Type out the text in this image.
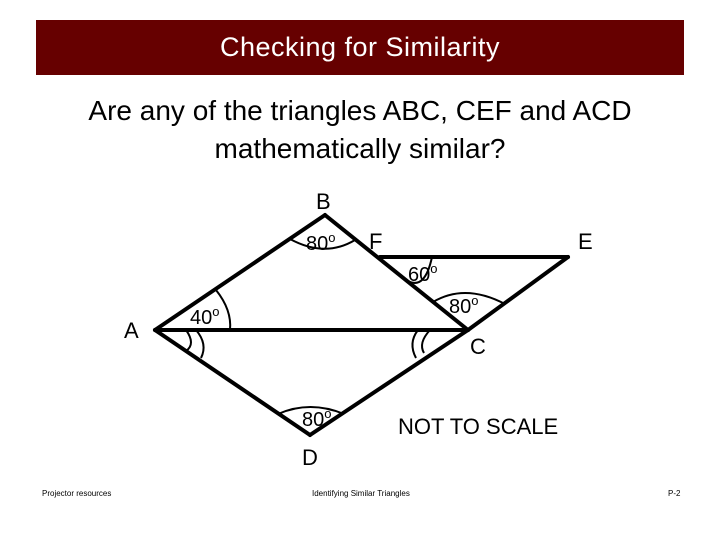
Checking for Similarity
Are any of the triangles ABC, CEF and ACD
mathematically similar?
B
F	E
A
C
D
80$^o$
40$^o$
60$^o$
80$^o$
80$^o$
NOT TO SCALE
Projector resources	Identifying Similar Triangles	P-2
